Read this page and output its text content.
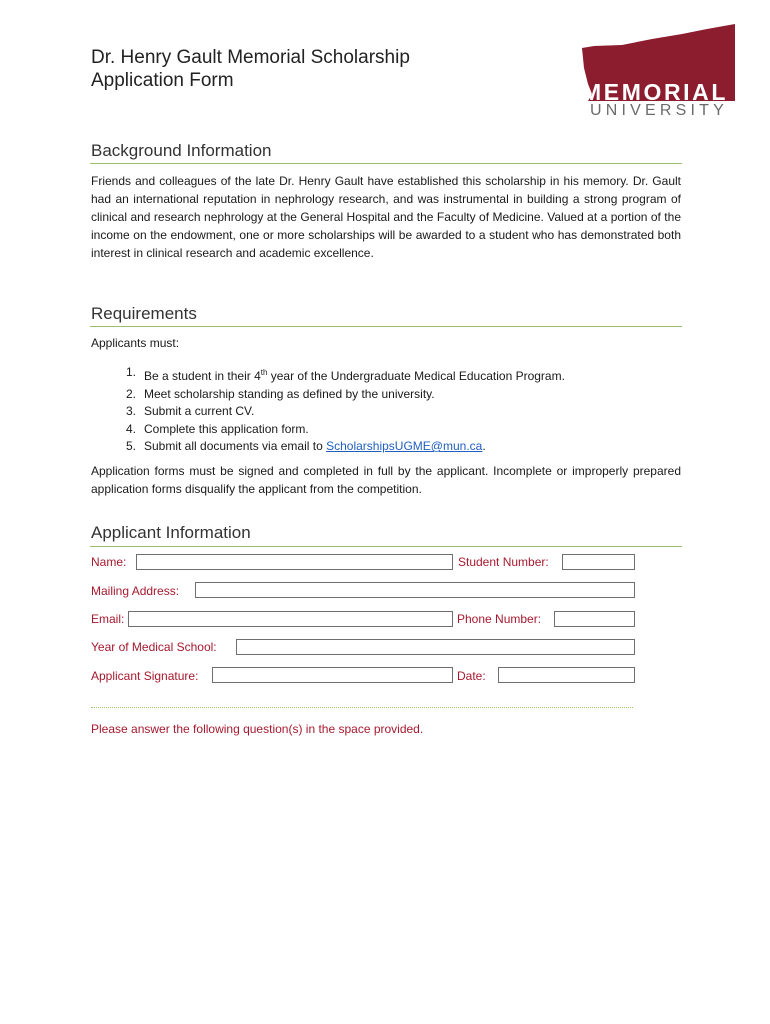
Dr. Henry Gault Memorial Scholarship
Application Form	MEMORIAL
UNIVERSITY
Background Information
Friends and colleagues of the late Dr. Henry Gault have established this scholarship in his memory. Dr. Gault had an international reputation in nephrology research, and was instrumental in building a strong program of clinical and research nephrology at the General Hospital and the Faculty of Medicine. Valued at a portion of the income on the endowment, one or more scholarships will be awarded to a student who has demonstrated both interest in clinical research and academic excellence.
Requirements
Applicants must:
1. Be a student in their 4th year of the Undergraduate Medical Education Program.
2. Meet scholarship standing as defined by the university.
3. Submit a current CV.
4. Complete this application form.
5. Submit all documents via email to ScholarshipsUGME@mun.ca.
Application forms must be signed and completed in full by the applicant. Incomplete or improperly prepared application forms disqualify the applicant from the competition.
Applicant Information
Name:	Student Number:
Mailing Address:
Email:	Phone Number:
Year of Medical School:
Applicant Signature:	Date:
Please answer the following question(s) in the space provided.
